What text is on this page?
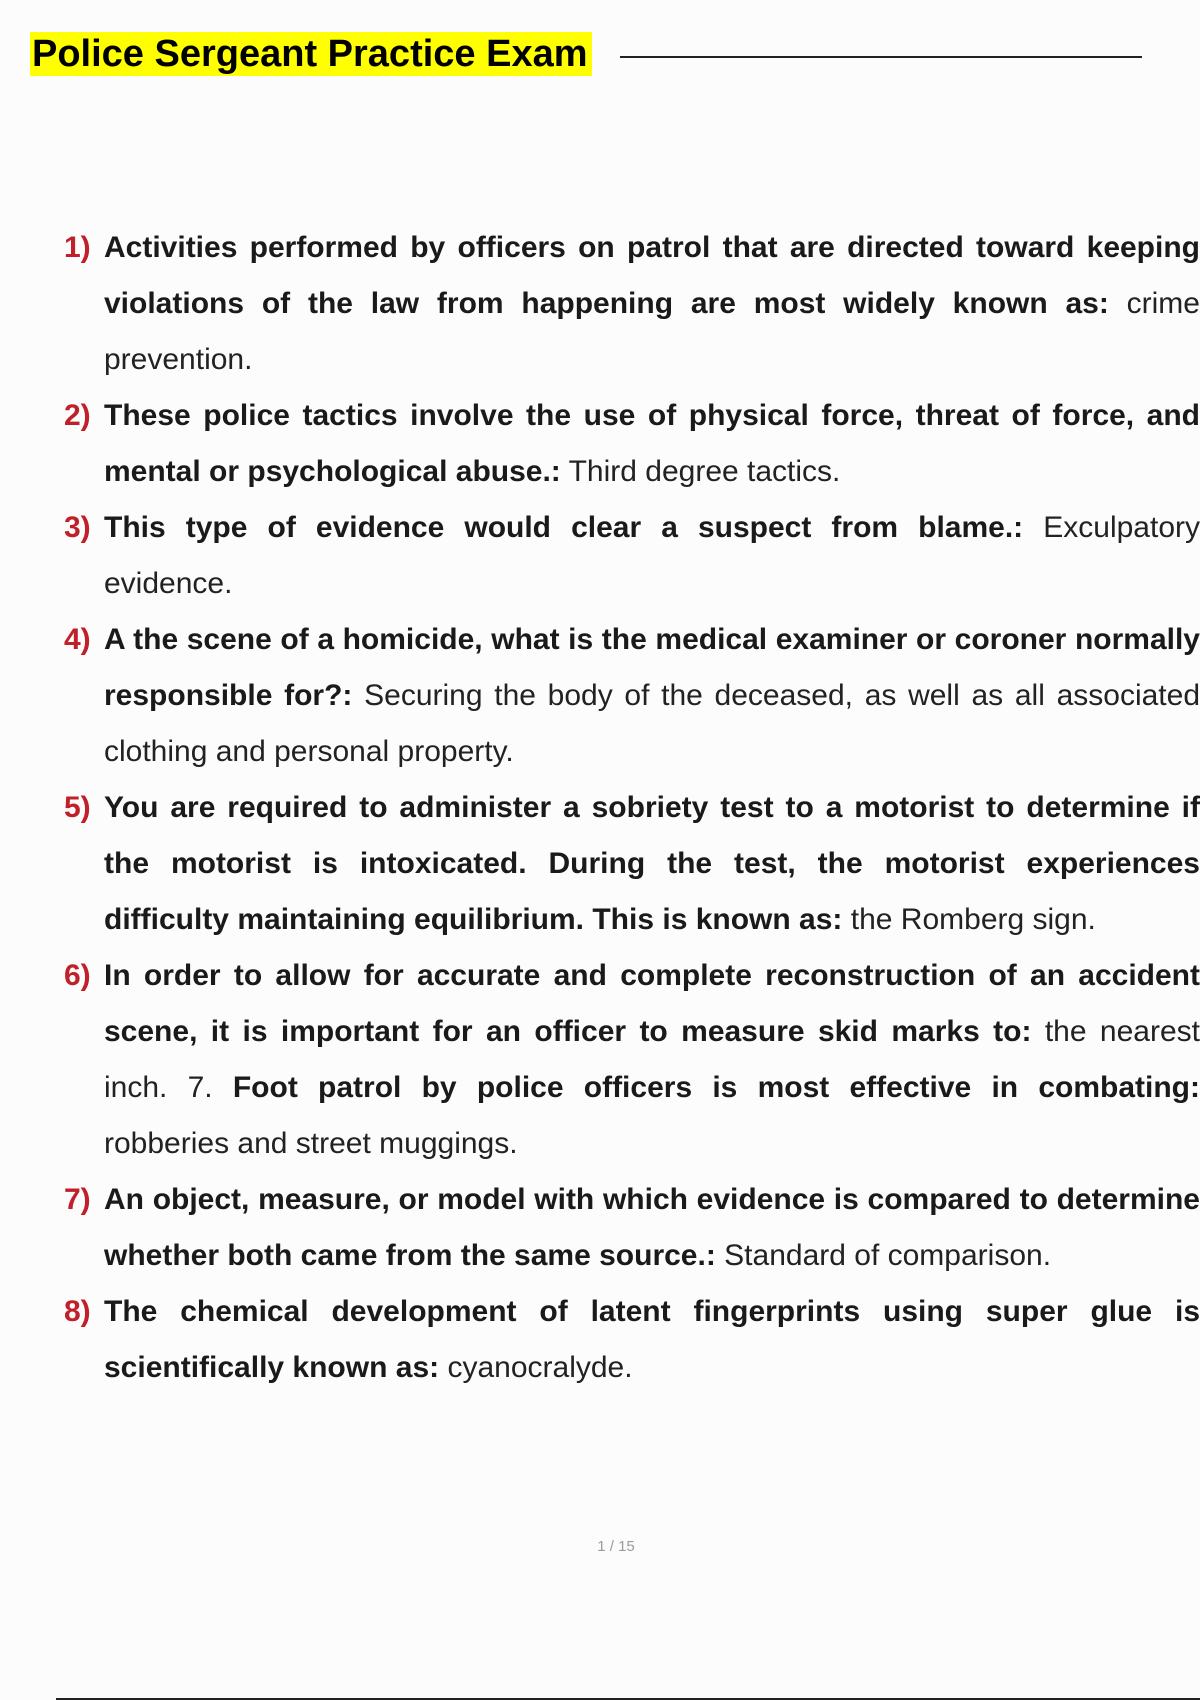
Police Sergeant Practice Exam
1) Activities performed by officers on patrol that are directed toward keeping violations of the law from happening are most widely known as: crime prevention.
2) These police tactics involve the use of physical force, threat of force, and mental or psychological abuse.: Third degree tactics.
3) This type of evidence would clear a suspect from blame.: Exculpatory evidence.
4) A the scene of a homicide, what is the medical examiner or coroner normally responsible for?: Securing the body of the deceased, as well as all associated clothing and personal property.
5) You are required to administer a sobriety test to a motorist to determine if the motorist is intoxicated. During the test, the motorist experiences difficulty maintaining equilibrium. This is known as: the Romberg sign.
6) In order to allow for accurate and complete reconstruction of an accident scene, it is important for an officer to measure skid marks to: the nearest inch. 7. Foot patrol by police officers is most effective in combating: robberies and street muggings.
7) An object, measure, or model with which evidence is compared to determine whether both came from the same source.: Standard of comparison.
8) The chemical development of latent fingerprints using super glue is scientifically known as: cyanocralyde.
1 / 15
